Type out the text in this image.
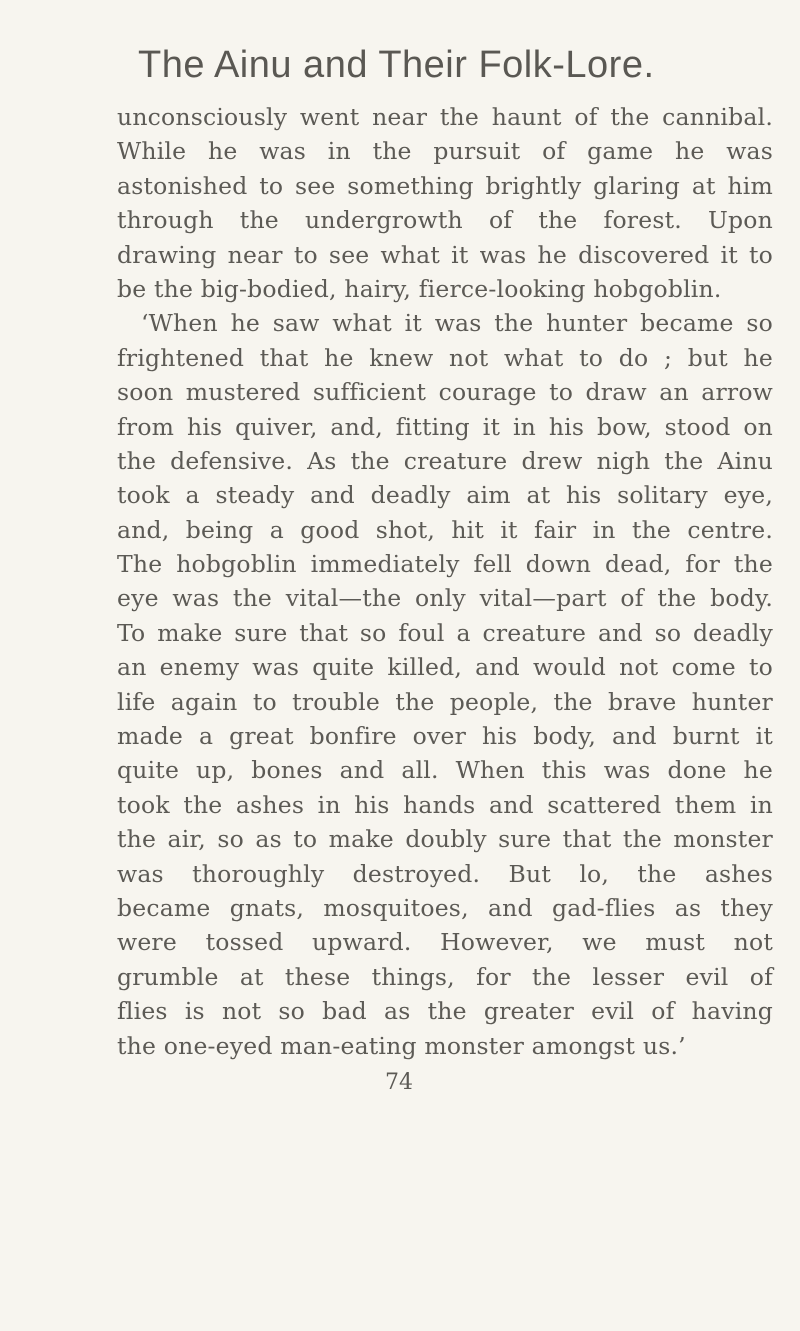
The Ainu and Their Folk-Lore.
unconsciously went near the haunt of the cannibal.
While he was in the pursuit of game he was
astonished to see something brightly glaring at him
through the undergrowth of the forest. Upon
drawing near to see what it was he discovered it to
be the big-bodied, hairy, fierce-looking hobgoblin.
‘When he saw what it was the hunter became so
frightened that he knew not what to do ; but he
soon mustered sufficient courage to draw an arrow
from his quiver, and, fitting it in his bow, stood on
the defensive. As the creature drew nigh the Ainu
took a steady and deadly aim at his solitary eye,
and, being a good shot, hit it fair in the centre.
The hobgoblin immediately fell down dead, for the
eye was the vital—the only vital—part of the body.
To make sure that so foul a creature and so deadly
an enemy was quite killed, and would not come to
life again to trouble the people, the brave hunter
made a great bonfire over his body, and burnt it
quite up, bones and all. When this was done he
took the ashes in his hands and scattered them in
the air, so as to make doubly sure that the monster
was thoroughly destroyed. But lo, the ashes
became gnats, mosquitoes, and gad-flies as they
were tossed upward. However, we must not
grumble at these things, for the lesser evil of
flies is not so bad as the greater evil of having
the one-eyed man-eating monster amongst us.’
74
